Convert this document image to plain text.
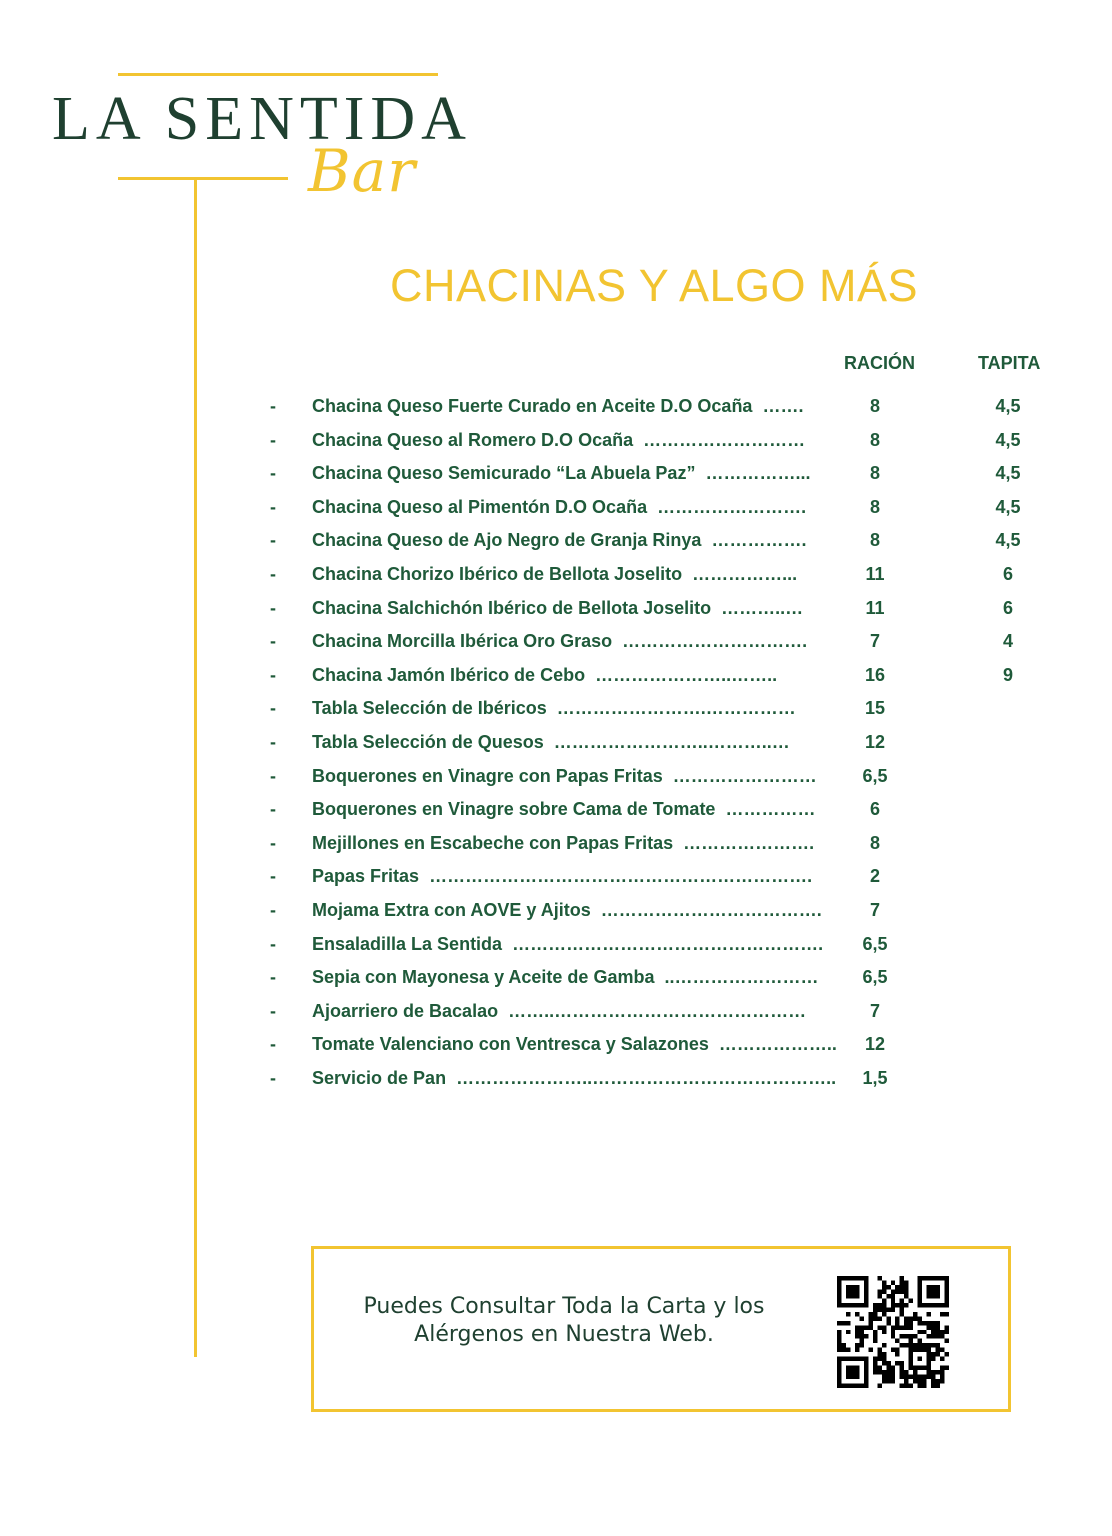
LA SENTIDA
Bar
CHACINAS Y ALGO MÁS
RACIÓN	TAPITA
- Chacina Queso Fuerte Curado en Aceite D.O Ocaña …….	8	4,5
- Chacina Queso al Romero D.O Ocaña ………………………	8	4,5
- Chacina Queso Semicurado “La Abuela Paz” ……………...	8	4,5
- Chacina Queso al Pimentón D.O Ocaña …………………….	8	4,5
- Chacina Queso de Ajo Negro de Granja Rinya …………….	8	4,5
- Chacina Chorizo Ibérico de Bellota Joselito ……………...	11	6
- Chacina Salchichón Ibérico de Bellota Joselito ………..…	11	6
- Chacina Morcilla Ibérica Oro Graso ………………………….	7	4
- Chacina Jamón Ibérico de Cebo …………………..……..	16	9
- Tabla Selección de Ibéricos …………………….……………	15
- Tabla Selección de Quesos ……………………..………..…	12
- Boquerones en Vinagre con Papas Fritas ……………………	6,5
- Boquerones en Vinagre sobre Cama de Tomate ……………	6
- Mejillones en Escabeche con Papas Fritas ………………….	8
- Papas Fritas ……………………………………………………….	2
- Mojama Extra con AOVE y Ajitos ……………………………….	7
- Ensaladilla La Sentida …………………………………………….	6,5
- Sepia con Mayonesa y Aceite de Gamba ..……………………	6,5
- Ajoarriero de Bacalao ……..……………………………………	7
- Tomate Valenciano con Ventresca y Salazones ………………..	12
- Servicio de Pan …………………..…………………………………..	1,5
Puedes Consultar Toda la Carta y los
Alérgenos en Nuestra Web.
